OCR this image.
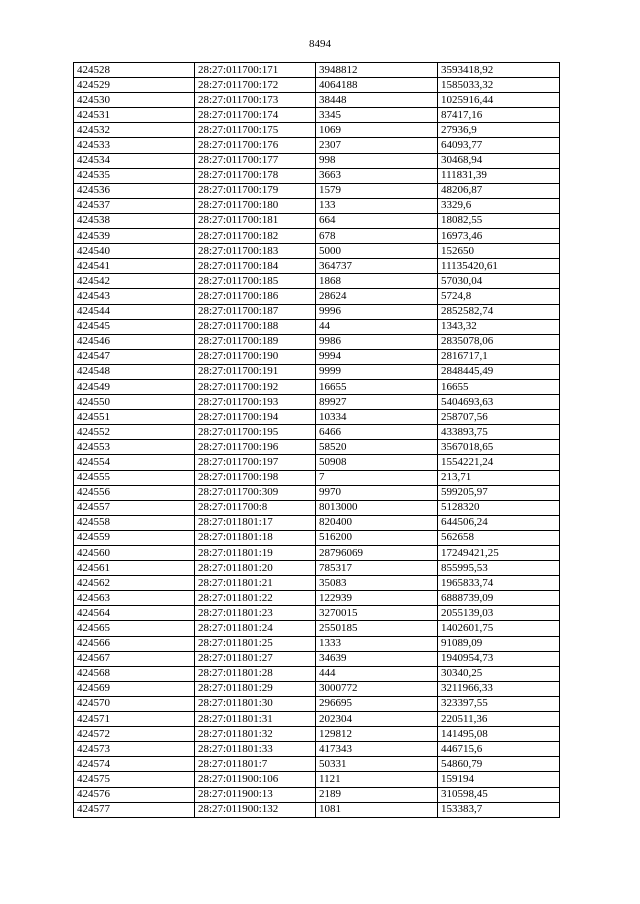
8494
424528	28:27:011700:171	3948812	3593418,92
424529	28:27:011700:172	4064188	1585033,32
424530	28:27:011700:173	38448	1025916,44
424531	28:27:011700:174	3345	87417,16
424532	28:27:011700:175	1069	27936,9
424533	28:27:011700:176	2307	64093,77
424534	28:27:011700:177	998	30468,94
424535	28:27:011700:178	3663	111831,39
424536	28:27:011700:179	1579	48206,87
424537	28:27:011700:180	133	3329,6
424538	28:27:011700:181	664	18082,55
424539	28:27:011700:182	678	16973,46
424540	28:27:011700:183	5000	152650
424541	28:27:011700:184	364737	11135420,61
424542	28:27:011700:185	1868	57030,04
424543	28:27:011700:186	28624	5724,8
424544	28:27:011700:187	9996	2852582,74
424545	28:27:011700:188	44	1343,32
424546	28:27:011700:189	9986	2835078,06
424547	28:27:011700:190	9994	2816717,1
424548	28:27:011700:191	9999	2848445,49
424549	28:27:011700:192	16655	16655
424550	28:27:011700:193	89927	5404693,63
424551	28:27:011700:194	10334	258707,56
424552	28:27:011700:195	6466	433893,75
424553	28:27:011700:196	58520	3567018,65
424554	28:27:011700:197	50908	1554221,24
424555	28:27:011700:198	7	213,71
424556	28:27:011700:309	9970	599205,97
424557	28:27:011700:8	8013000	5128320
424558	28:27:011801:17	820400	644506,24
424559	28:27:011801:18	516200	562658
424560	28:27:011801:19	28796069	17249421,25
424561	28:27:011801:20	785317	855995,53
424562	28:27:011801:21	35083	1965833,74
424563	28:27:011801:22	122939	6888739,09
424564	28:27:011801:23	3270015	2055139,03
424565	28:27:011801:24	2550185	1402601,75
424566	28:27:011801:25	1333	91089,09
424567	28:27:011801:27	34639	1940954,73
424568	28:27:011801:28	444	30340,25
424569	28:27:011801:29	3000772	3211966,33
424570	28:27:011801:30	296695	323397,55
424571	28:27:011801:31	202304	220511,36
424572	28:27:011801:32	129812	141495,08
424573	28:27:011801:33	417343	446715,6
424574	28:27:011801:7	50331	54860,79
424575	28:27:011900:106	1121	159194
424576	28:27:011900:13	2189	310598,45
424577	28:27:011900:132	1081	153383,7
